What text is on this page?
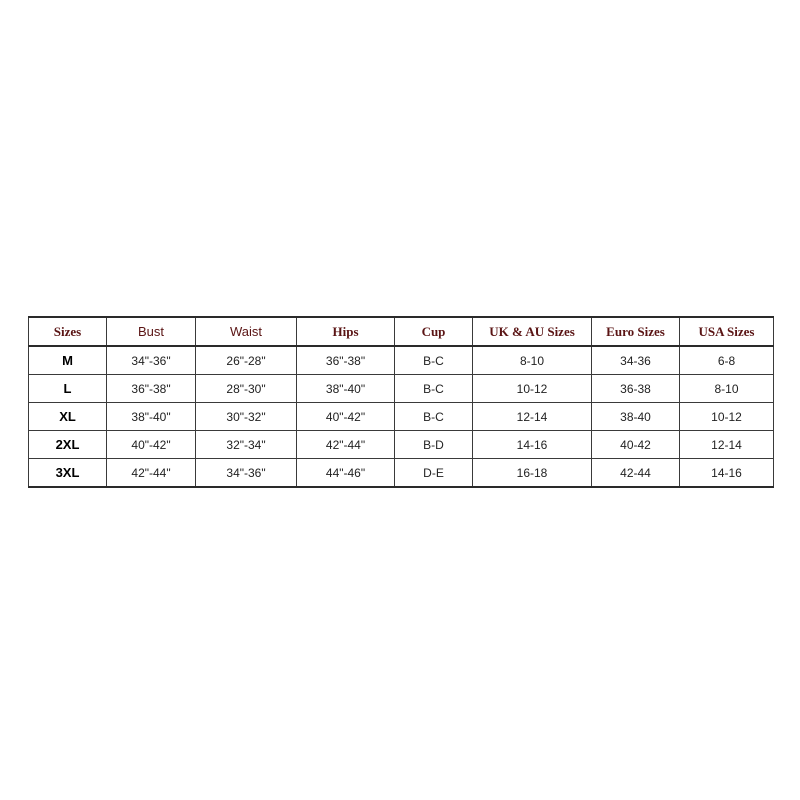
Sizes	Bust	Waist	Hips	Cup	UK & AU Sizes	Euro Sizes	USA Sizes
M	34"-36"	26"-28"	36"-38"	B-C	8-10	34-36	6-8
L	36"-38"	28"-30"	38"-40"	B-C	10-12	36-38	8-10
XL	38"-40"	30"-32"	40"-42"	B-C	12-14	38-40	10-12
2XL	40"-42"	32"-34"	42"-44"	B-D	14-16	40-42	12-14
3XL	42"-44"	34"-36"	44"-46"	D-E	16-18	42-44	14-16
